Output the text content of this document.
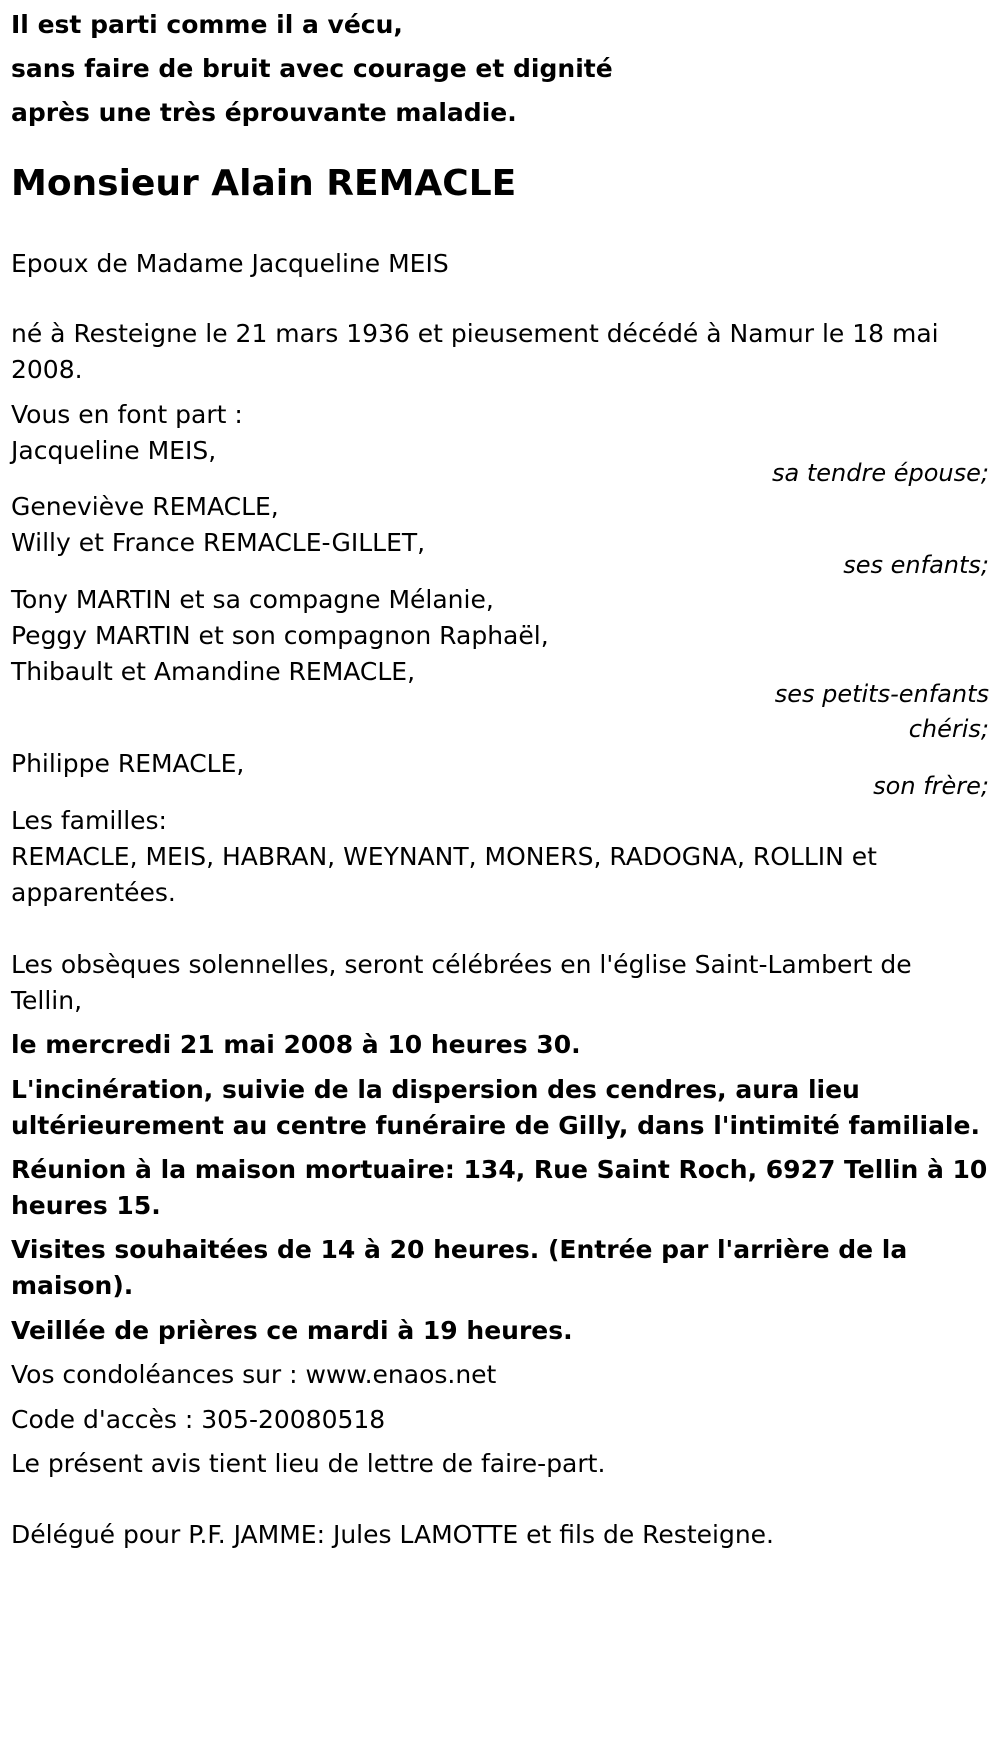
Il est parti comme il a vécu,
sans faire de bruit avec courage et dignité
après une très éprouvante maladie.
Monsieur Alain REMACLE
Epoux de Madame Jacqueline MEIS
né à Resteigne le 21 mars 1936 et pieusement décédé à Namur le 18 mai
2008.
Vous en font part :
Jacqueline MEIS,
sa tendre épouse;
Geneviève REMACLE,
Willy et France REMACLE-GILLET,
ses enfants;
Tony MARTIN et sa compagne Mélanie,
Peggy MARTIN et son compagnon Raphaël,
Thibault et Amandine REMACLE,
ses petits-enfants
chéris;
Philippe REMACLE,
son frère;
Les familles:
REMACLE, MEIS, HABRAN, WEYNANT, MONERS, RADOGNA, ROLLIN et
apparentées.
Les obsèques solennelles, seront célébrées en l'église Saint-Lambert de
Tellin,
le mercredi 21 mai 2008 à 10 heures 30.
L'incinération, suivie de la dispersion des cendres, aura lieu
ultérieurement au centre funéraire de Gilly, dans l'intimité familiale.
Réunion à la maison mortuaire: 134, Rue Saint Roch, 6927 Tellin à 10
heures 15.
Visites souhaitées de 14 à 20 heures. (Entrée par l'arrière de la
maison).
Veillée de prières ce mardi à 19 heures.
Vos condoléances sur : www.enaos.net
Code d'accès : 305-20080518
Le présent avis tient lieu de lettre de faire-part.
Délégué pour P.F. JAMME: Jules LAMOTTE et fils de Resteigne.
